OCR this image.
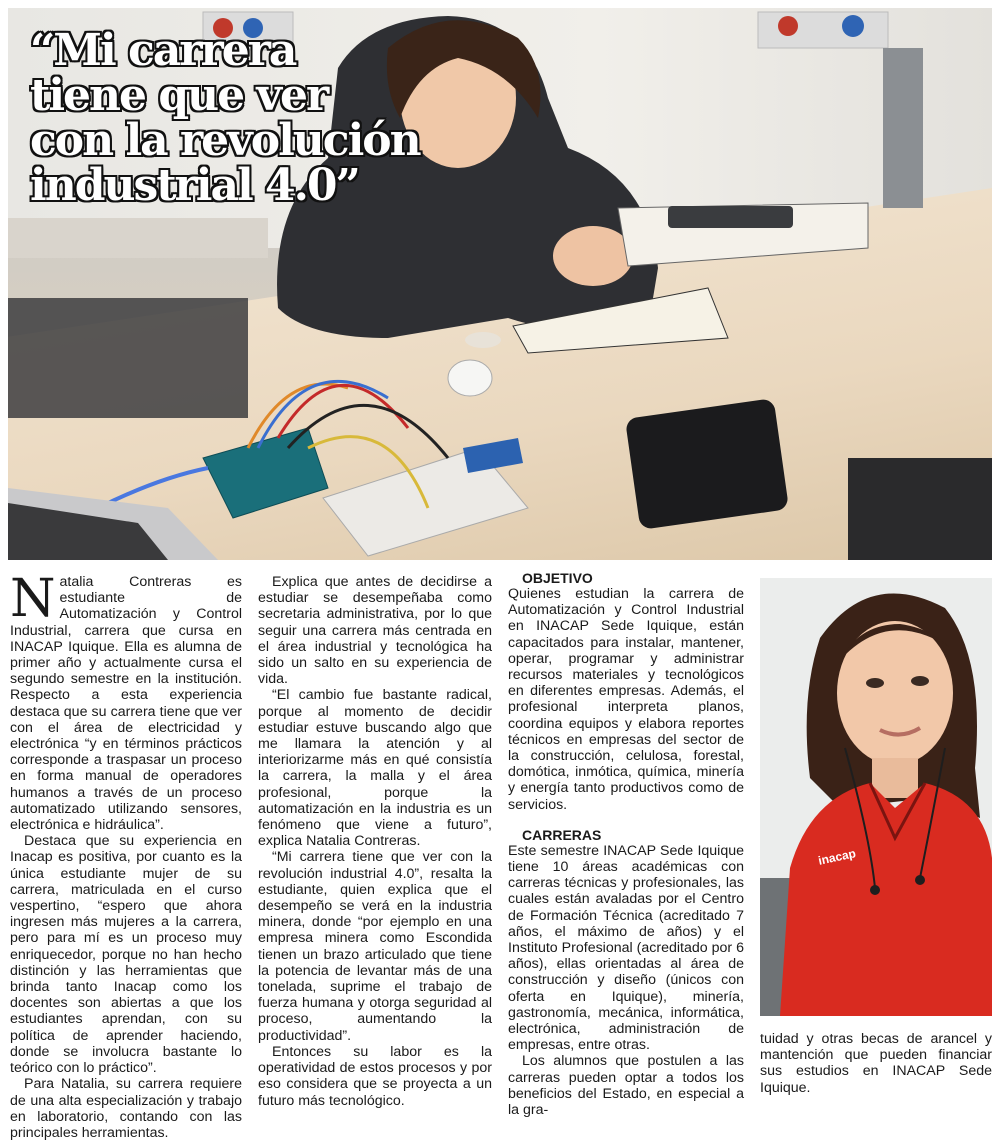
“Mi carrera tiene que ver con la revolución industrial 4.0”

Natalia Contreras es estudiante de Automatización y Control Industrial, carrera que cursa en INACAP Iquique. Ella es alumna de primer año y actualmente cursa el segundo semestre en la institución. Respecto a esta experiencia destaca que su carrera tiene que ver con el área de electricidad y electrónica “y en términos prácticos corresponde a traspasar un proceso en forma manual de operadores humanos a través de un proceso automatizado utilizando sensores, electrónica e hidráulica”.

Destaca que su experiencia en Inacap es positiva, por cuanto es la única estudiante mujer de su carrera, matriculada en el curso vespertino, “espero que ahora ingresen más mujeres a la carrera, pero para mí es un proceso muy enriquecedor, porque no han hecho distinción y las herramientas que brinda tanto Inacap como los docentes son abiertas a que los estudiantes aprendan, con su política de aprender haciendo, donde se involucra bastante lo teórico con lo práctico”.

Para Natalia, su carrera requiere de una alta especialización y trabajo en laboratorio, contando con las principales herramientas.

Explica que antes de decidirse a estudiar se desempeñaba como secretaria administrativa, por lo que seguir una carrera más centrada en el área industrial y tecnológica ha sido un salto en su experiencia de vida.

“El cambio fue bastante radical, porque al momento de decidir estudiar estuve buscando algo que me llamara la atención y al interiorizarme más en qué consistía la carrera, la malla y el área profesional, porque la automatización en la industria es un fenómeno que viene a futuro”, explica Natalia Contreras.

“Mi carrera tiene que ver con la revolución industrial 4.0”, resalta la estudiante, quien explica que el desempeño se verá en la industria minera, donde “por ejemplo en una empresa minera como Escondida tienen un brazo articulado que tiene la potencia de levantar más de una tonelada, suprime el trabajo de fuerza humana y otorga seguridad al proceso, aumentando la productividad”.

Entonces su labor es la operatividad de estos procesos y por eso considera que se proyecta a un futuro más tecnológico.

OBJETIVO

Quienes estudian la carrera de Automatización y Control Industrial en INACAP Sede Iquique, están capacitados para instalar, mantener, operar, programar y administrar recursos materiales y tecnológicos en diferentes empresas. Además, el profesional interpreta planos, coordina equipos y elabora reportes técnicos en empresas del sector de la construcción, celulosa, forestal, domótica, inmótica, química, minería y energía tanto productivos como de servicios.

CARRERAS

Este semestre INACAP Sede Iquique tiene 10 áreas académicas con carreras técnicas y profesionales, las cuales están avaladas por el Centro de Formación Técnica (acreditado 7 años, el máximo de años) y el Instituto Profesional (acreditado por 6 años), ellas orientadas al área de construcción y diseño (únicos con oferta en Iquique), minería, gastronomía, mecánica, informática, electrónica, administración de empresas, entre otras.

Los alumnos que postulen a las carreras pueden optar a todos los beneficios del Estado, en especial a la gra-

inacap

tuidad y otras becas de arancel y mantención que pueden financiar sus estudios en INACAP Sede Iquique.
